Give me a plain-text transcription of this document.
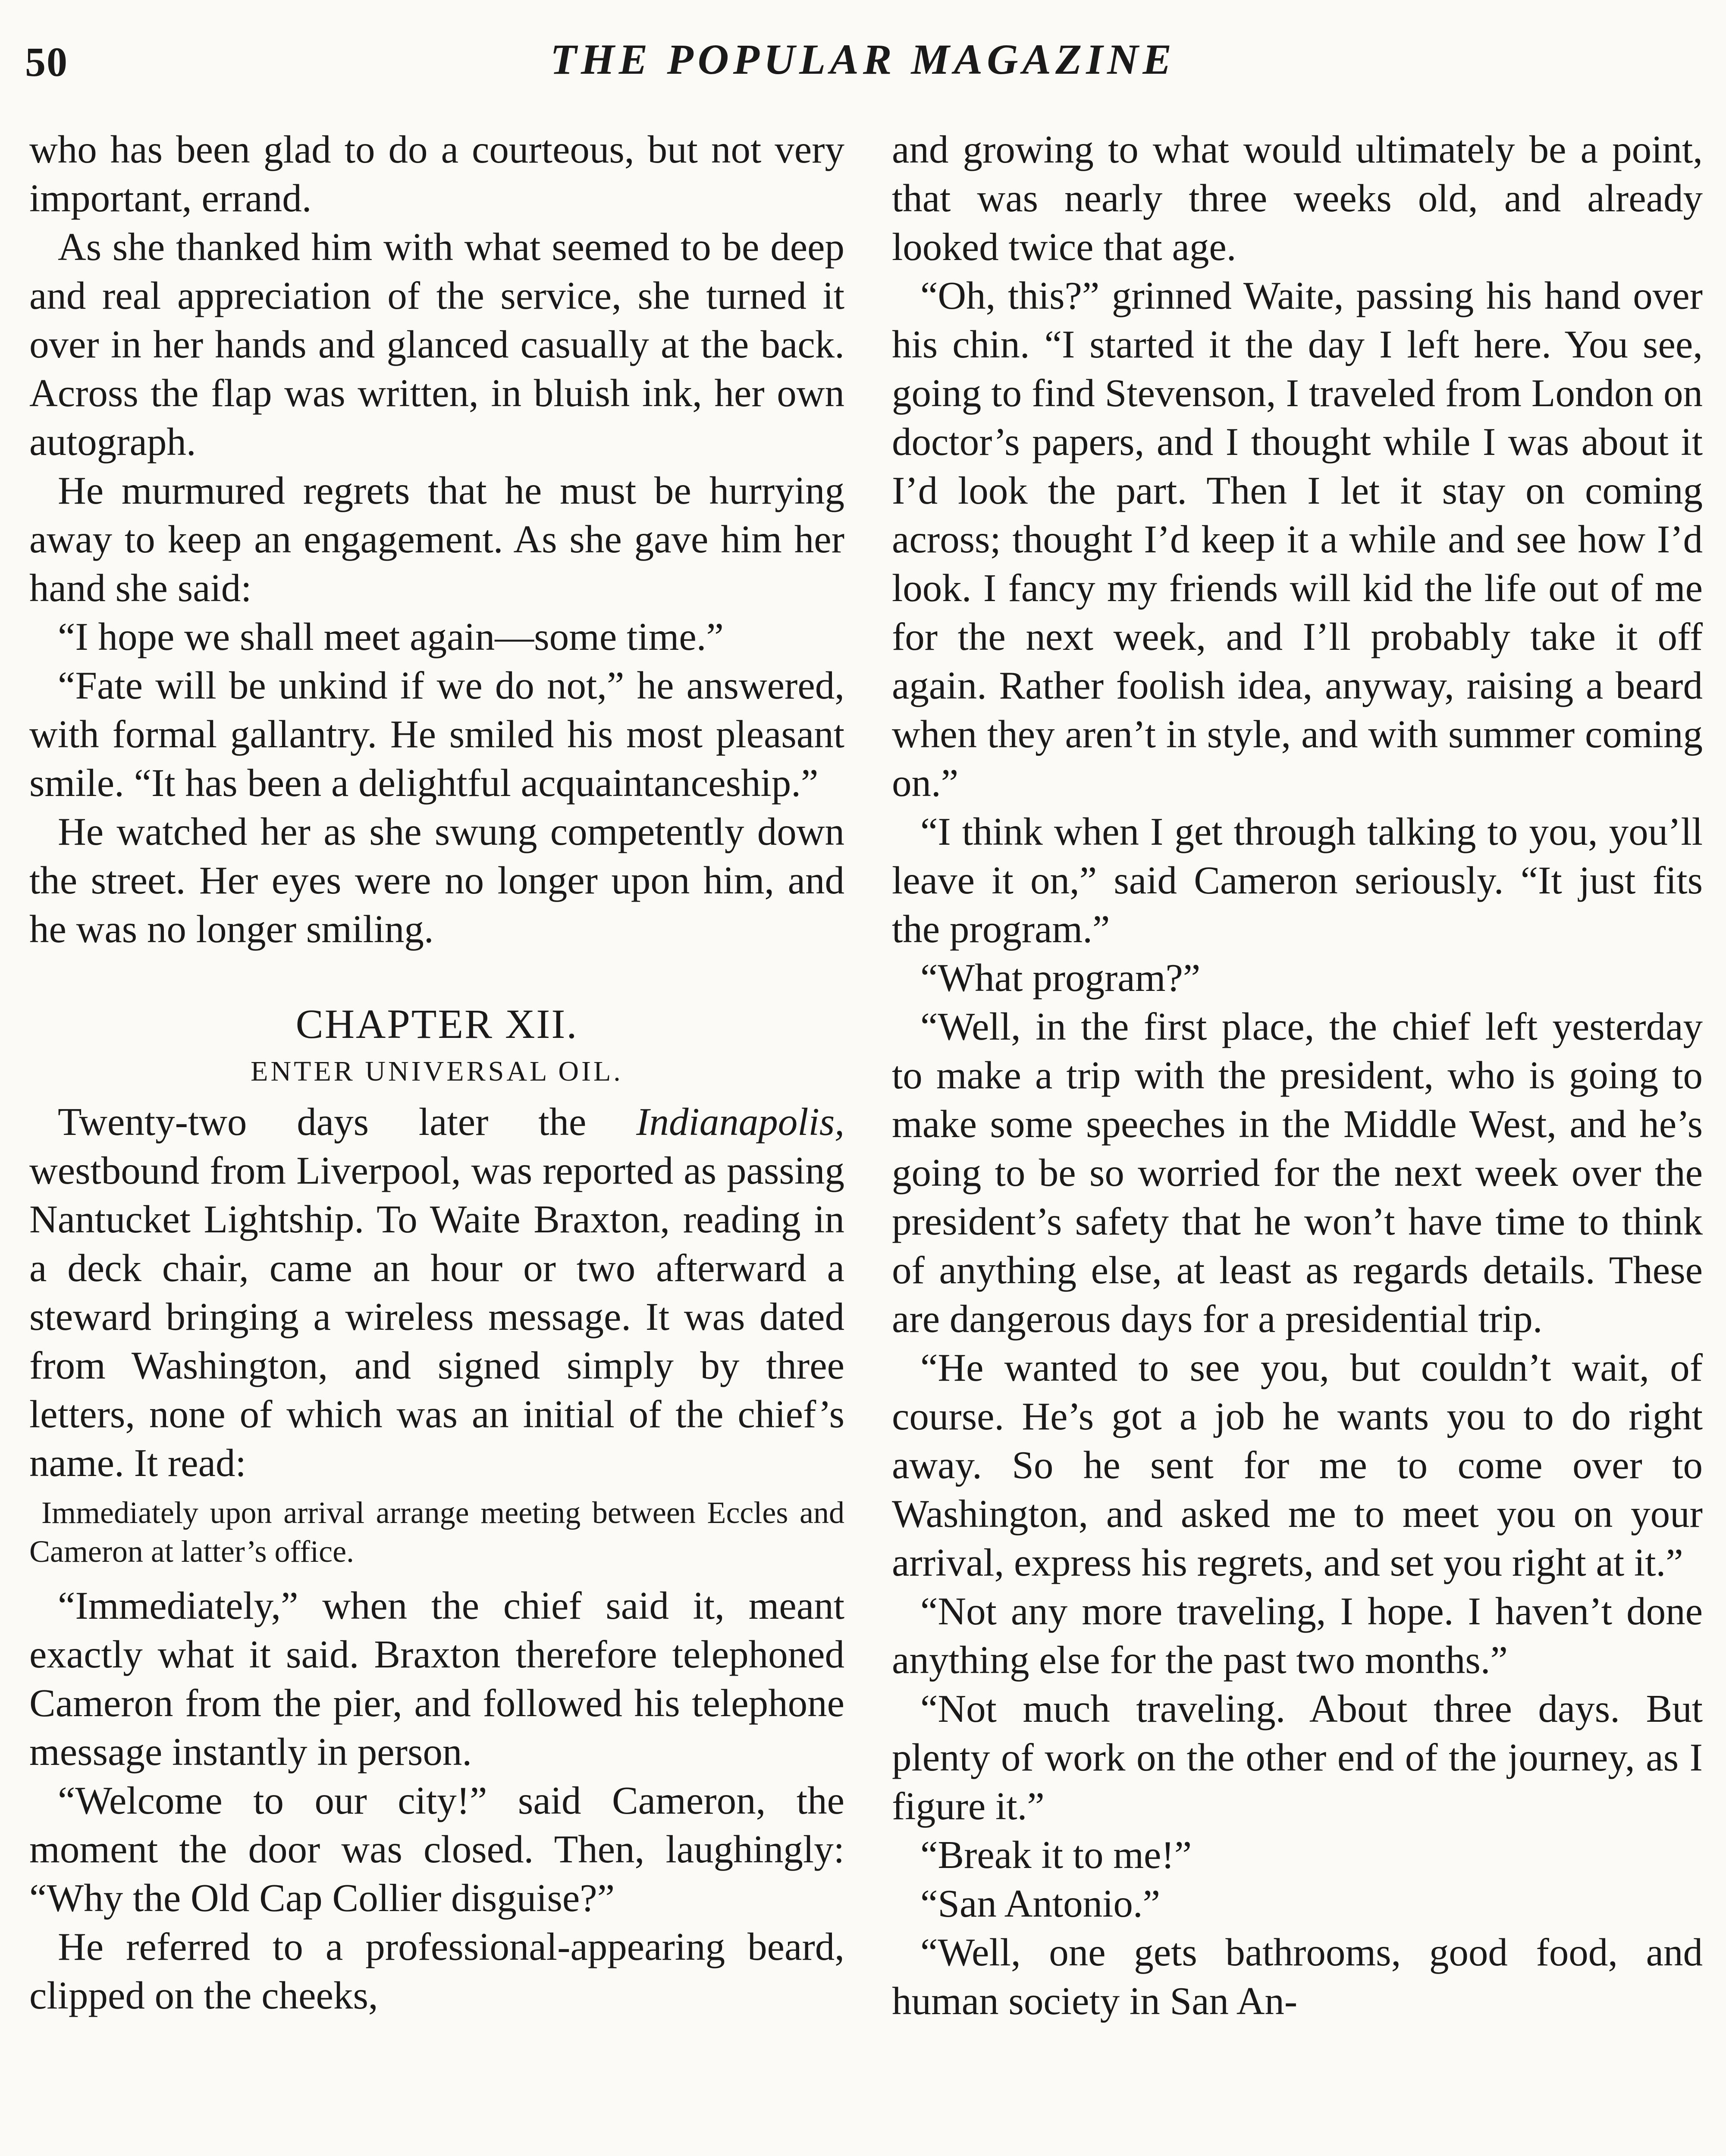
50	THE POPULAR MAGAZINE

who has been glad to do a courteous, but not very important, errand.

As she thanked him with what seemed to be deep and real appreciation of the service, she turned it over in her hands and glanced casually at the back. Across the flap was written, in bluish ink, her own autograph.

He murmured regrets that he must be hurrying away to keep an engagement. As she gave him her hand she said:

“I hope we shall meet again—some time.”

“Fate will be unkind if we do not,” he answered, with formal gallantry. He smiled his most pleasant smile. “It has been a delightful acquaintanceship.”

He watched her as she swung competently down the street. Her eyes were no longer upon him, and he was no longer smiling.

CHAPTER XII.
ENTER UNIVERSAL OIL.

Twenty-two days later the Indianapolis, westbound from Liverpool, was reported as passing Nantucket Lightship. To Waite Braxton, reading in a deck chair, came an hour or two afterward a steward bringing a wireless message. It was dated from Washington, and signed simply by three letters, none of which was an initial of the chief’s name. It read:

Immediately upon arrival arrange meeting between Eccles and Cameron at latter’s office.

“Immediately,” when the chief said it, meant exactly what it said. Braxton therefore telephoned Cameron from the pier, and followed his telephone message instantly in person.

“Welcome to our city!” said Cameron, the moment the door was closed. Then, laughingly: “Why the Old Cap Collier disguise?”

He referred to a professional-appearing beard, clipped on the cheeks,

and growing to what would ultimately be a point, that was nearly three weeks old, and already looked twice that age.

“Oh, this?” grinned Waite, passing his hand over his chin. “I started it the day I left here. You see, going to find Stevenson, I traveled from London on doctor’s papers, and I thought while I was about it I’d look the part. Then I let it stay on coming across; thought I’d keep it a while and see how I’d look. I fancy my friends will kid the life out of me for the next week, and I’ll probably take it off again. Rather foolish idea, anyway, raising a beard when they aren’t in style, and with summer coming on.”

“I think when I get through talking to you, you’ll leave it on,” said Cameron seriously. “It just fits the program.”

“What program?”

“Well, in the first place, the chief left yesterday to make a trip with the president, who is going to make some speeches in the Middle West, and he’s going to be so worried for the next week over the president’s safety that he won’t have time to think of anything else, at least as regards details. These are dangerous days for a presidential trip.

“He wanted to see you, but couldn’t wait, of course. He’s got a job he wants you to do right away. So he sent for me to come over to Washington, and asked me to meet you on your arrival, express his regrets, and set you right at it.”

“Not any more traveling, I hope. I haven’t done anything else for the past two months.”

“Not much traveling. About three days. But plenty of work on the other end of the journey, as I figure it.”

“Break it to me!”

“San Antonio.”

“Well, one gets bathrooms, good food, and human society in San An-
